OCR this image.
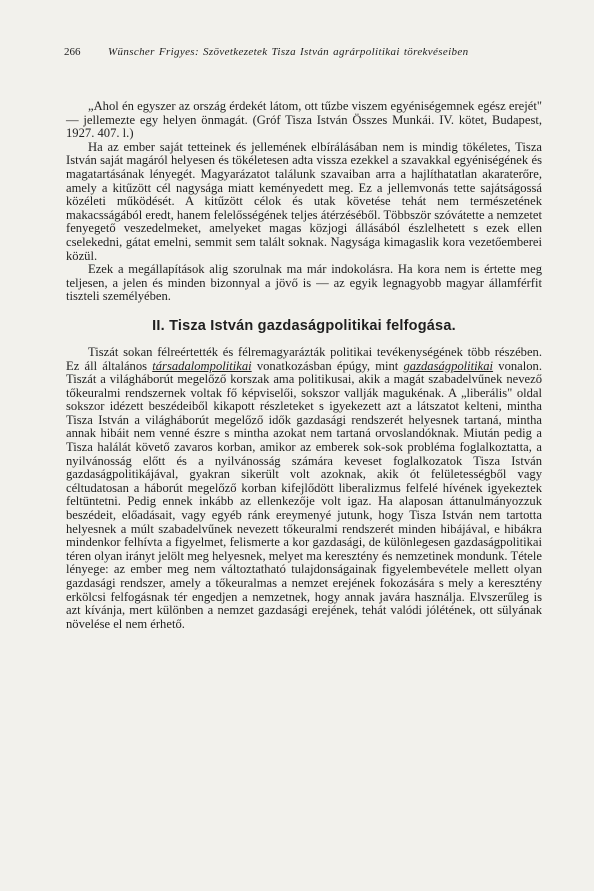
266	Wünscher Frigyes: Szövetkezetek Tisza István agrárpolitikai törekvéseiben

„Ahol én egyszer az ország érdekét látom, ott tűzbe viszem egyéniségemnek egész erejét" — jellemezte egy helyen önmagát. (Gróf Tisza István Összes Munkái. IV. kötet, Budapest, 1927. 407. l.)

Ha az ember saját tetteinek és jellemének elbírálásában nem is mindig tökéletes, Tisza István saját magáról helyesen és tökéletesen adta vissza ezekkel a szavakkal egyéniségének és magatartásának lényegét. Magyarázatot találunk szavaiban arra a hajlíthatatlan akaraterőre, amely a kitűzött cél nagysága miatt keményedett meg. Ez a jellemvonás tette sajátságossá közéleti működését. A kitűzött célok és utak követése tehát nem természetének makacsságából eredt, hanem felelősségének teljes átérzéséből. Többször szóvátette a nemzetet fenyegető veszedelmeket, amelyeket magas közjogi állásából észlelhetett s ezek ellen cselekedni, gátat emelni, semmit sem talált soknak. Nagysága kimagaslik kora vezetőemberei közül.

Ezek a megállapítások alig szorulnak ma már indokolásra. Ha kora nem is értette meg teljesen, a jelen és minden bizonnyal a jövő is — az egyik legnagyobb magyar államférfit tiszteli személyében.

II. Tisza István gazdaságpolitikai felfogása.

Tiszát sokan félreértették és félremagyarázták politikai tevékenységének több részében. Ez áll általános társadalompolitikai vonatkozásban épúgy, mint gazdaságpolitikai vonalon. Tiszát a világháborút megelőző korszak ama politikusai, akik a magát szabadelvűnek nevező tőkeuralmi rendszernek voltak fő képviselői, sokszor vallják magukénak. A „liberális" oldal sokszor idézett beszédeiből kikapott részleteket s igyekezett azt a látszatot kelteni, mintha Tisza István a világháborút megelőző idők gazdasági rendszerét helyesnek tartaná, mintha annak hibáit nem venné észre s mintha azokat nem tartaná orvoslandóknak. Miután pedig a Tisza halálát követő zavaros korban, amikor az emberek sok-sok probléma foglalkoztatta, a nyilvánosság előtt és a nyilvánosság számára keveset foglalkozatok Tisza István gazdaságpolitikájával, gyakran sikerült volt azoknak, akik ót felületességből vagy céltudatosan a háborút megelőző korban kifejlődött liberalizmus felfelé hívének igyekeztek feltüntetni. Pedig ennek inkább az ellenkezője volt igaz. Ha alaposan áttanulmányozzuk beszédeit, előadásait, vagy egyéb ránk ereymenyé jutunk, hogy Tisza István nem tartotta helyesnek a múlt szabadelvűnek nevezett tőkeuralmi rendszerét minden hibájával, e hibákra mindenkor felhívta a figyelmet, felismerte a kor gazdasági, de különlegesen gazdaságpolitikai téren olyan irányt jelölt meg helyesnek, melyet ma keresztény és nemzetinek mondunk. Tétele lényege: az ember meg nem változtatható tulajdonságainak figyelembevétele mellett olyan gazdasági rendszer, amely a tőkeuralmas a nemzet erejének fokozására s mely a keresztény erkölcsi felfogásnak tér engedjen a nemzetnek, hogy annak javára használja. Elvszerűleg is azt kívánja, mert különben a nemzet gazdasági erejének, tehát valódi jólétének, ott sülyának növelése el nem érhető.
